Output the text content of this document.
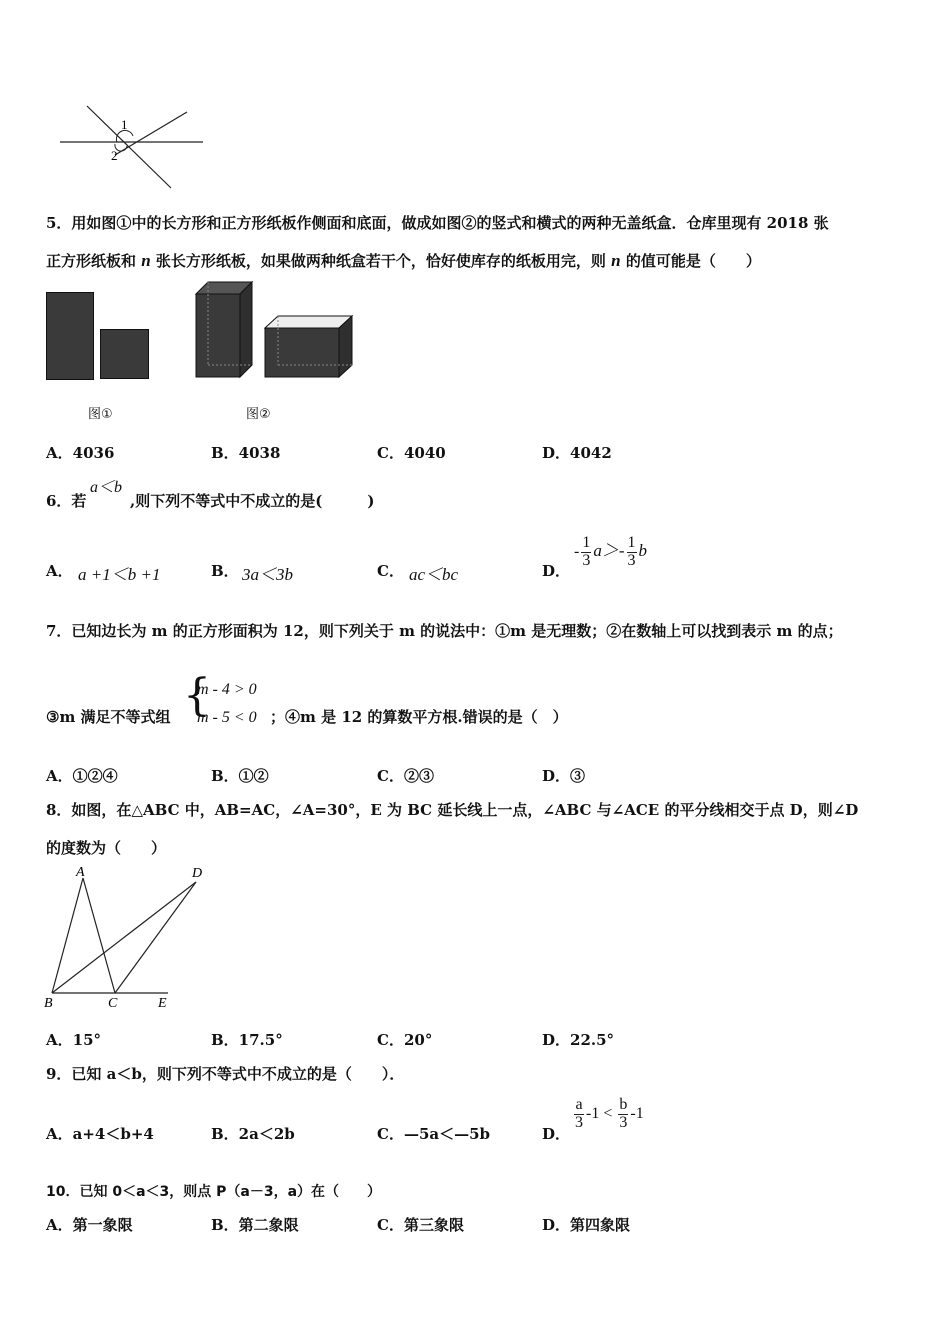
1
2
5．用如图①中的长方形和正方形纸板作侧面和底面，做成如图②的竖式和横式的两种无盖纸盒．仓库里现有 2018 张
正方形纸板和 n 张长方形纸板，如果做两种纸盒若干个，恰好使库存的纸板用完，则 n 的值可能是（　　）
图①	图②
A．4036	B．4038	C．4040	D．4042
6．若
a＜b
,则下列不等式中不成立的是(　　　)
A． a +1＜b +1	B． 3a＜3b	C． ac＜bc	D．
- $\frac{1}{3} a>- \frac{1}{3}$ b
7．已知边长为 m 的正方形面积为 12，则下列关于 m 的说法中：①m 是无理数；②在数轴上可以找到表示 m 的点；
③m 满足不等式组 {
m - 4 > 0
m - 5 < 0 ；④m 是 12 的算数平方根.错误的是（　）
A．①②④	B．①②	C．②③	D．③
8．如图，在△ABC 中，AB=AC，∠A=30°，E 为 BC 延长线上一点，∠ABC 与∠ACE 的平分线相交于点 D，则∠D
的度数为（　　）
A
B	C
D
E
A．15°	B．17.5°	C．20°	D．22.5°
9．已知 a＜b，则下列不等式中不成立的是（　　）．
A．a+4＜b+4	B．2a＜2b	C．—5a＜—5b	D．
$\frac{a}{3} -1 < \frac{b}{3} -1$
10．已知 0＜a＜3，则点 P（a－3，a）在（　　）
A．第一象限	B．第二象限	C．第三象限	D．第四象限
